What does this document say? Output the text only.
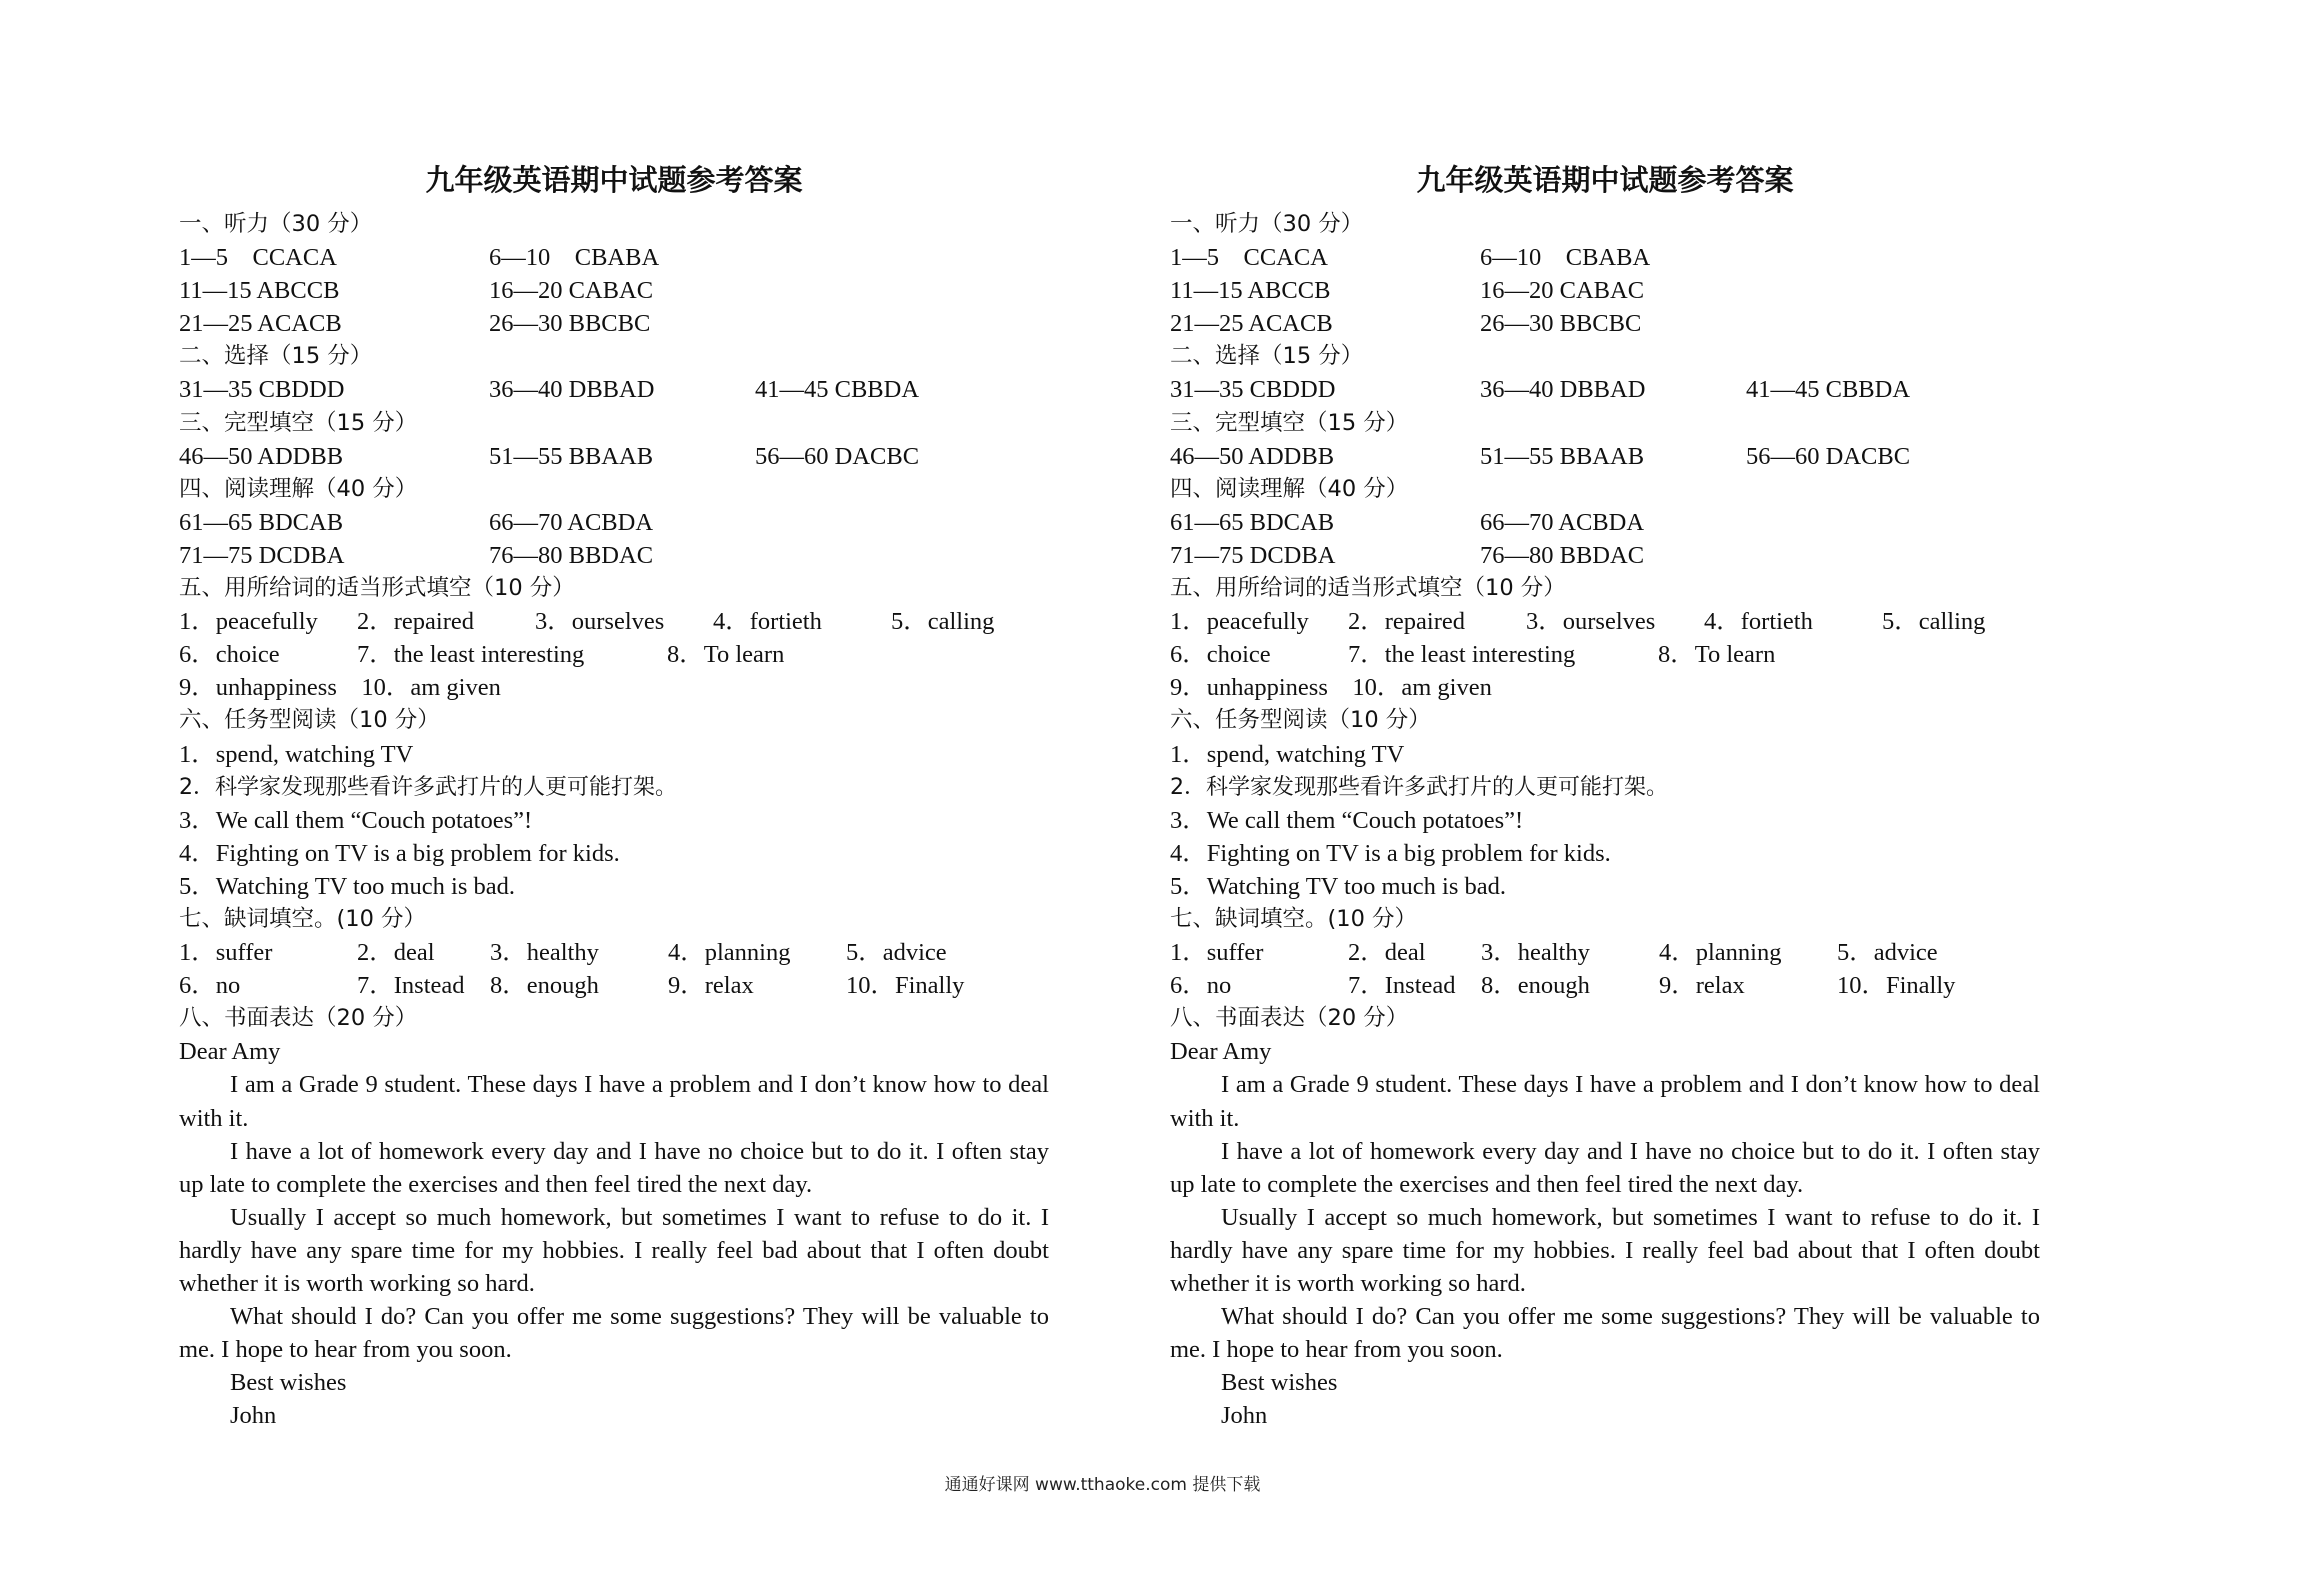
九年级英语期中试题参考答案
一、听力（30 分）
1—5　CCACA	6—10　CBABA
11—15 ABCCB	16—20 CABAC
21—25 ACACB	26—30 BBCBC
二、选择（15 分）
31—35 CBDDD	36—40 DBBAD	41—45 CBBDA
三、完型填空（15 分）
46—50 ADDBB	51—55 BBAAB	56—60 DACBC
四、阅读理解（40 分）
61—65 BDCAB	66—70 ACBDA
71—75 DCDBA	76—80 BBDAC
五、用所给词的适当形式填空（10 分）
1．peacefully	2．repaired	3．ourselves	4．fortieth	5．calling
6．choice	7．the least interesting	8．To learn
9．unhappiness　10．am given
六、任务型阅读（10 分）
1．spend, watching TV
2．科学家发现那些看许多武打片的人更可能打架。
3．We call them “Couch potatoes”!
4．Fighting on TV is a big problem for kids.
5．Watching TV too much is bad.
七、缺词填空。(10 分）
1．suffer	2．deal	3．healthy	4．planning	5．advice
6．no	7．Instead	8．enough	9．relax	10．Finally
八、书面表达（20 分）
Dear Amy

I am a Grade 9 student. These days I have a problem and I don’t know how to deal with it.

I have a lot of homework every day and I have no choice but to do it. I often stay up late to complete the exercises and then feel tired the next day.

Usually I accept so much homework, but sometimes I want to refuse to do it. I hardly have any spare time for my hobbies. I really feel bad about that I often doubt whether it is worth working so hard.

What should I do? Can you offer me some suggestions? They will be valuable to me. I hope to hear from you soon.

Best wishes
John
九年级英语期中试题参考答案
一、听力（30 分）
1—5　CCACA	6—10　CBABA
11—15 ABCCB	16—20 CABAC
21—25 ACACB	26—30 BBCBC
二、选择（15 分）
31—35 CBDDD	36—40 DBBAD	41—45 CBBDA
三、完型填空（15 分）
46—50 ADDBB	51—55 BBAAB	56—60 DACBC
四、阅读理解（40 分）
61—65 BDCAB	66—70 ACBDA
71—75 DCDBA	76—80 BBDAC
五、用所给词的适当形式填空（10 分）
1．peacefully	2．repaired	3．ourselves	4．fortieth	5．calling
6．choice	7．the least interesting	8．To learn
9．unhappiness　10．am given
六、任务型阅读（10 分）
1．spend, watching TV
2．科学家发现那些看许多武打片的人更可能打架。
3．We call them “Couch potatoes”!
4．Fighting on TV is a big problem for kids.
5．Watching TV too much is bad.
七、缺词填空。(10 分）
1．suffer	2．deal	3．healthy	4．planning	5．advice
6．no	7．Instead	8．enough	9．relax	10．Finally
八、书面表达（20 分）
Dear Amy

I am a Grade 9 student. These days I have a problem and I don’t know how to deal with it.

I have a lot of homework every day and I have no choice but to do it. I often stay up late to complete the exercises and then feel tired the next day.

Usually I accept so much homework, but sometimes I want to refuse to do it. I hardly have any spare time for my hobbies. I really feel bad about that I often doubt whether it is worth working so hard.

What should I do? Can you offer me some suggestions? They will be valuable to me. I hope to hear from you soon.

Best wishes
John
通通好课网 www.tthaoke.com 提供下载
